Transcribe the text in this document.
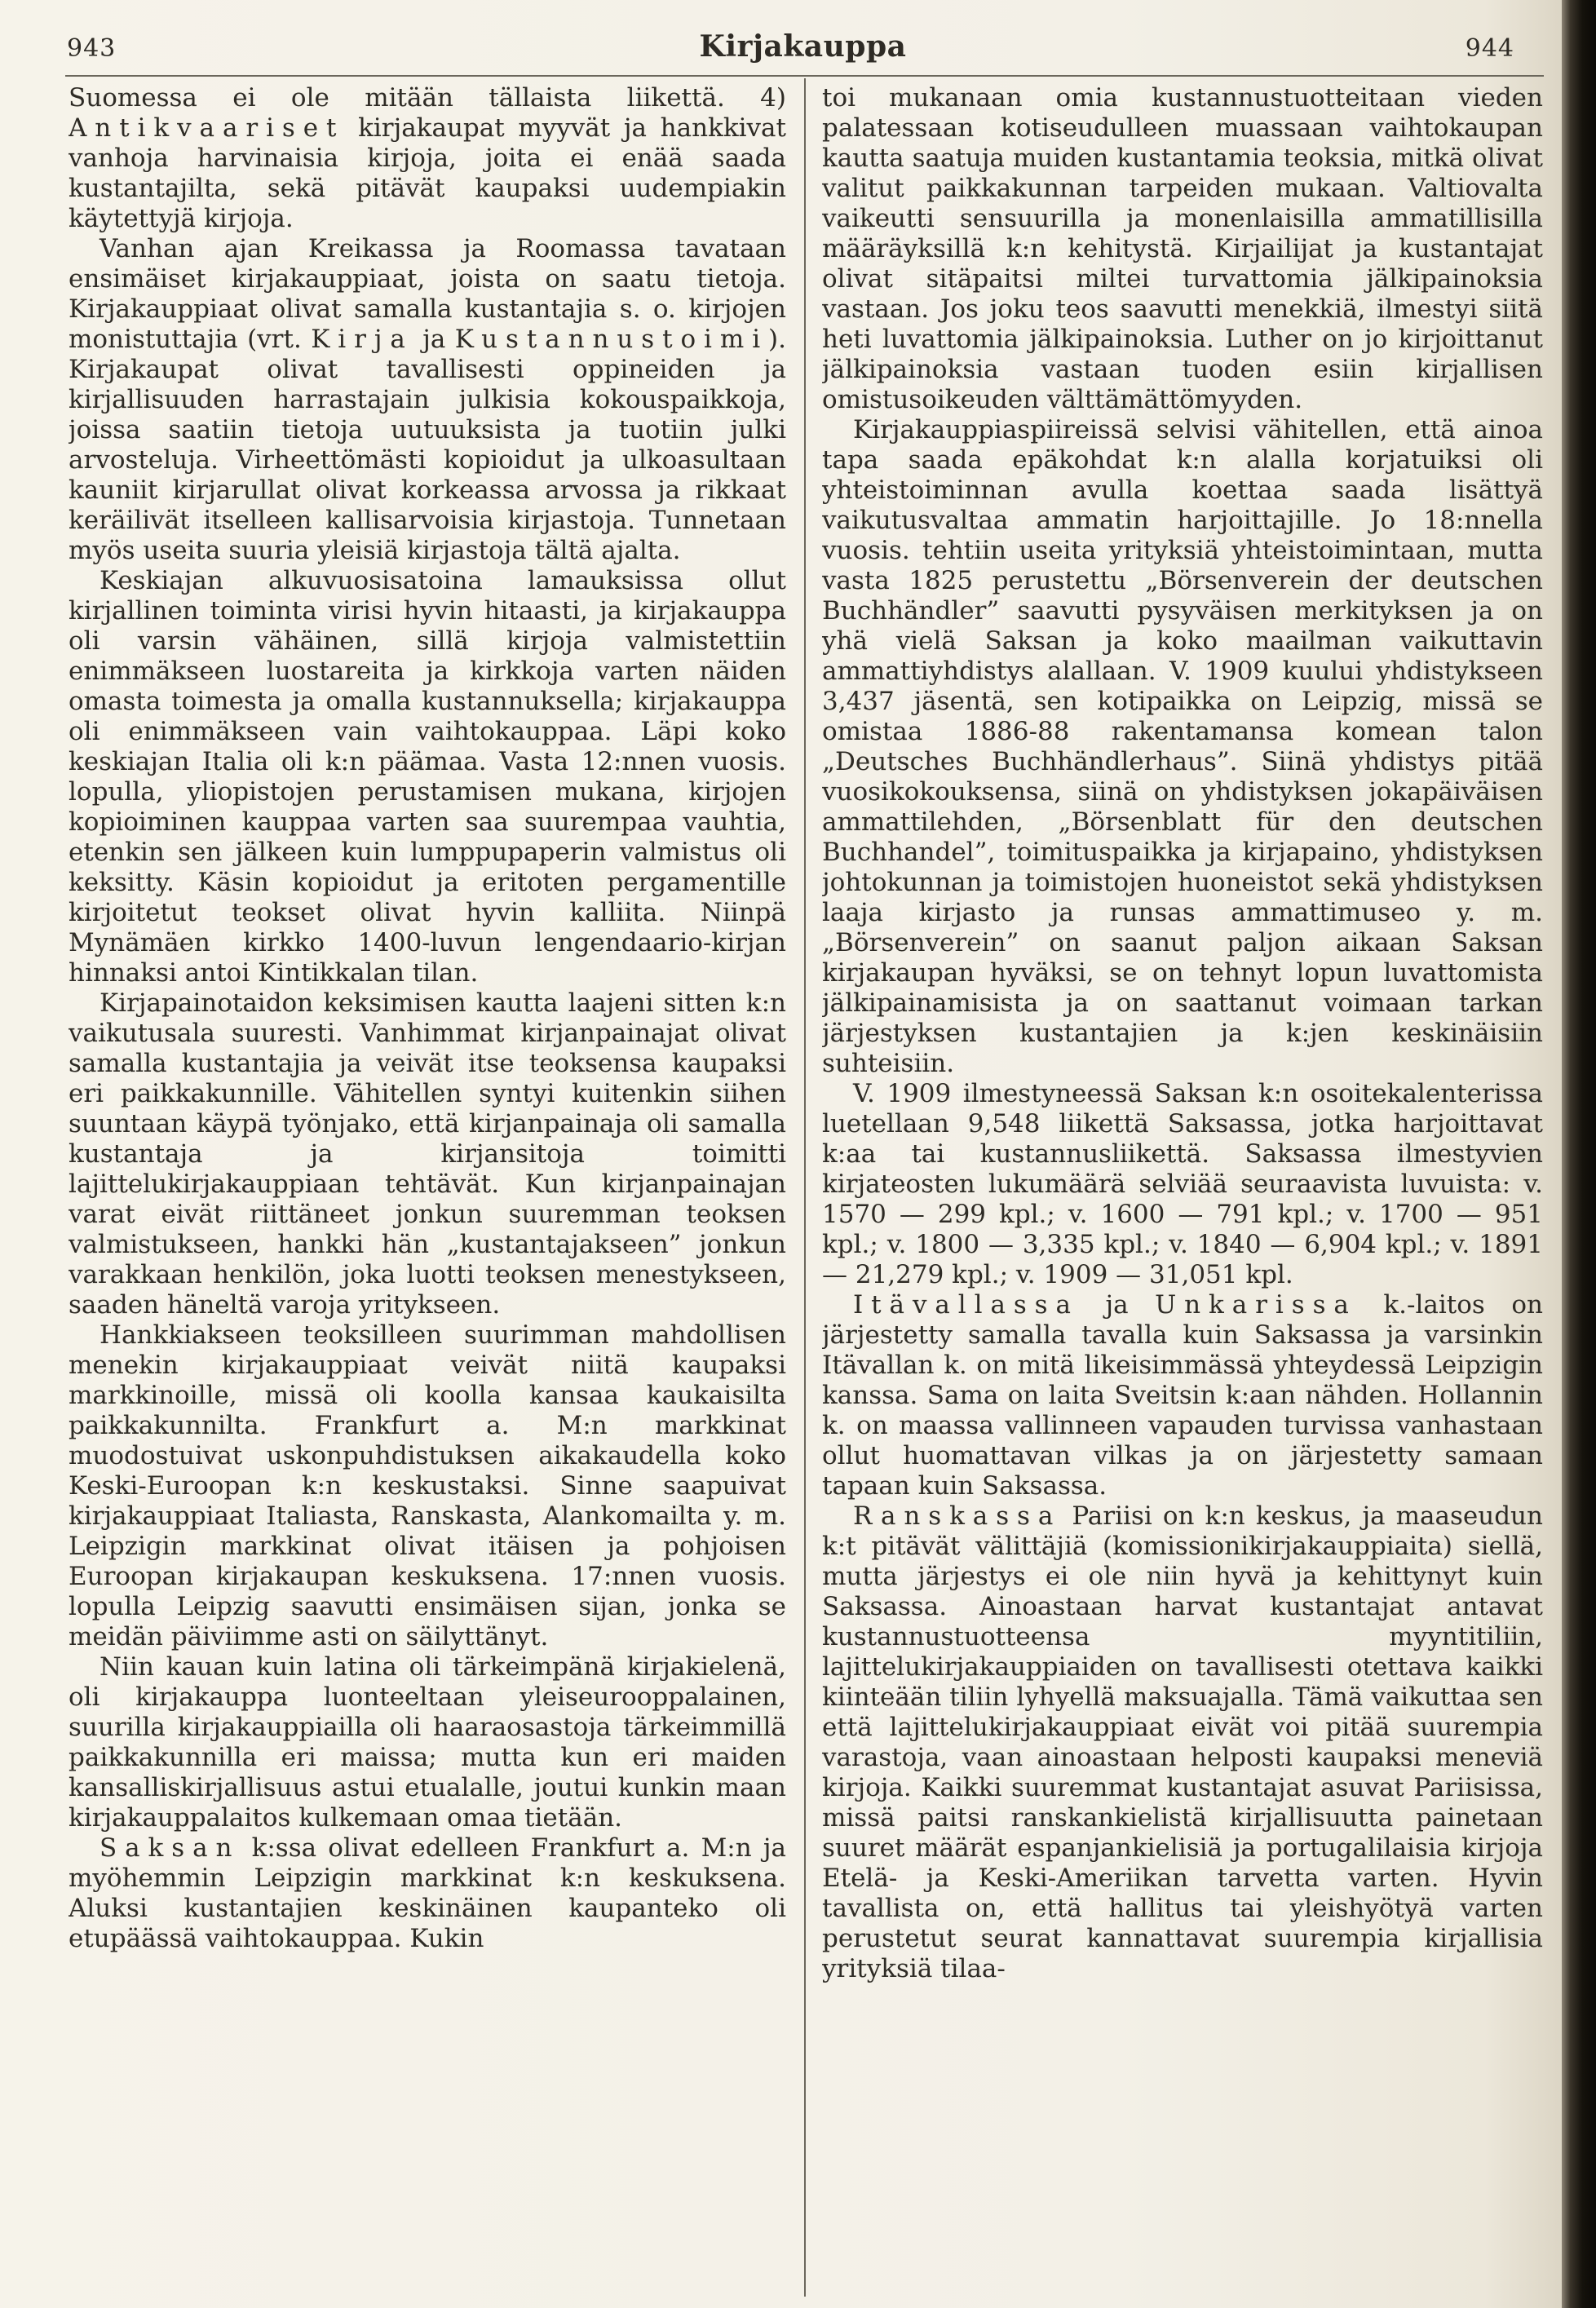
943	Kirjakauppa	944

Suomessa ei ole mitään tällaista liikettä. 4) Antikvaariset kirjakaupat myyvät ja hankkivat vanhoja harvinaisia kirjoja, joita ei enää saada kustantajilta, sekä pitävät kaupaksi uudempiakin käytettyjä kirjoja.

Vanhan ajan Kreikassa ja Roomassa tavataan ensimäiset kirjakauppiaat, joista on saatu tietoja. Kirjakauppiaat olivat samalla kustantajia s. o. kirjojen monistuttajia (vrt. Kirja ja Kustannustoimi). Kirjakaupat olivat tavallisesti oppineiden ja kirjallisuuden harrastajain julkisia kokouspaikkoja, joissa saatiin tietoja uutuuksista ja tuotiin julki arvosteluja. Virheettömästi kopioidut ja ulkoasultaan kauniit kirjarullat olivat korkeassa arvossa ja rikkaat keräilivät itselleen kallisarvoisia kirjastoja. Tunnetaan myös useita suuria yleisiä kirjastoja tältä ajalta.

Keskiajan alkuvuosisatoina lamauksissa ollut kirjallinen toiminta virisi hyvin hitaasti, ja kirjakauppa oli varsin vähäinen, sillä kirjoja valmistettiin enimmäkseen luostareita ja kirkkoja varten näiden omasta toimesta ja omalla kustannuksella; kirjakauppa oli enimmäkseen vain vaihtokauppaa. Läpi koko keskiajan Italia oli k:n päämaa. Vasta 12:nnen vuosis. lopulla, yliopistojen perustamisen mukana, kirjojen kopioiminen kauppaa varten saa suurempaa vauhtia, etenkin sen jälkeen kuin lumppupaperin valmistus oli keksitty. Käsin kopioidut ja eritoten pergamentille kirjoitetut teokset olivat hyvin kalliita. Niinpä Mynämäen kirkko 1400-luvun lengendaario-kirjan hinnaksi antoi Kintikkalan tilan.

Kirjapainotaidon keksimisen kautta laajeni sitten k:n vaikutusala suuresti. Vanhimmat kirjanpainajat olivat samalla kustantajia ja veivät itse teoksensa kaupaksi eri paikkakunnille. Vähitellen syntyi kuitenkin siihen suuntaan käypä työnjako, että kirjanpainaja oli samalla kustantaja ja kirjansitoja toimitti lajittelukirjakauppiaan tehtävät. Kun kirjanpainajan varat eivät riittäneet jonkun suuremman teoksen valmistukseen, hankki hän „kustantajakseen” jonkun varakkaan henkilön, joka luotti teoksen menestykseen, saaden häneltä varoja yritykseen.

Hankkiakseen teoksilleen suurimman mahdollisen menekin kirjakauppiaat veivät niitä kaupaksi markkinoille, missä oli koolla kansaa kaukaisilta paikkakunnilta. Frankfurt a. M:n markkinat muodostuivat uskonpuhdistuksen aikakaudella koko Keski-Euroopan k:n keskustaksi. Sinne saapuivat kirjakauppiaat Italiasta, Ranskasta, Alankomailta y. m. Leipzigin markkinat olivat itäisen ja pohjoisen Euroopan kirjakaupan keskuksena. 17:nnen vuosis. lopulla Leipzig saavutti ensimäisen sijan, jonka se meidän päiviimme asti on säilyttänyt.

Niin kauan kuin latina oli tärkeimpänä kirjakielenä, oli kirjakauppa luonteeltaan yleiseurooppalainen, suurilla kirjakauppiailla oli haaraosastoja tärkeimmillä paikkakunnilla eri maissa; mutta kun eri maiden kansalliskirjallisuus astui etualalle, joutui kunkin maan kirjakauppalaitos kulkemaan omaa tietään.

Saksan k:ssa olivat edelleen Frankfurt a. M:n ja myöhemmin Leipzigin markkinat k:n keskuksena. Aluksi kustantajien keskinäinen kaupanteko oli etupäässä vaihtokauppaa. Kukin

toi mukanaan omia kustannustuotteitaan vieden palatessaan kotiseudulleen muassaan vaihtokaupan kautta saatuja muiden kustantamia teoksia, mitkä olivat valitut paikkakunnan tarpeiden mukaan. Valtiovalta vaikeutti sensuurilla ja monenlaisilla ammatillisilla määräyksillä k:n kehitystä. Kirjailijat ja kustantajat olivat sitäpaitsi miltei turvattomia jälkipainoksia vastaan. Jos joku teos saavutti menekkiä, ilmestyi siitä heti luvattomia jälkipainoksia. Luther on jo kirjoittanut jälkipainoksia vastaan tuoden esiin kirjallisen omistusoikeuden välttämättömyyden.

Kirjakauppiaspiireissä selvisi vähitellen, että ainoa tapa saada epäkohdat k:n alalla korjatuiksi oli yhteistoiminnan avulla koettaa saada lisättyä vaikutusvaltaa ammatin harjoittajille. Jo 18:nnella vuosis. tehtiin useita yrityksiä yhteistoimintaan, mutta vasta 1825 perustettu „Börsenverein der deutschen Buchhändler” saavutti pysyväisen merkityksen ja on yhä vielä Saksan ja koko maailman vaikuttavin ammattiyhdistys alallaan. V. 1909 kuului yhdistykseen 3,437 jäsentä, sen kotipaikka on Leipzig, missä se omistaa 1886-88 rakentamansa komean talon „Deutsches Buchhändlerhaus”. Siinä yhdistys pitää vuosikokouksensa, siinä on yhdistyksen jokapäiväisen ammattilehden, „Börsenblatt für den deutschen Buchhandel”, toimituspaikka ja kirjapaino, yhdistyksen johtokunnan ja toimistojen huoneistot sekä yhdistyksen laaja kirjasto ja runsas ammattimuseo y. m. „Börsenverein” on saanut paljon aikaan Saksan kirjakaupan hyväksi, se on tehnyt lopun luvattomista jälkipainamisista ja on saattanut voimaan tarkan järjestyksen kustantajien ja k:jen keskinäisiin suhteisiin.

V. 1909 ilmestyneessä Saksan k:n osoitekalenterissa luetellaan 9,548 liikettä Saksassa, jotka harjoittavat k:aa tai kustannusliikettä. Saksassa ilmestyvien kirjateosten lukumäärä selviää seuraavista luvuista: v. 1570 — 299 kpl.; v. 1600 — 791 kpl.; v. 1700 — 951 kpl.; v. 1800 — 3,335 kpl.; v. 1840 — 6,904 kpl.; v. 1891 — 21,279 kpl.; v. 1909 — 31,051 kpl.

Itävallassa ja Unkarissa k.-laitos on järjestetty samalla tavalla kuin Saksassa ja varsinkin Itävallan k. on mitä likeisimmässä yhteydessä Leipzigin kanssa. Sama on laita Sveitsin k:aan nähden. Hollannin k. on maassa vallinneen vapauden turvissa vanhastaan ollut huomattavan vilkas ja on järjestetty samaan tapaan kuin Saksassa.

Ranskassa Pariisi on k:n keskus, ja maaseudun k:t pitävät välittäjiä (komissionikirjakauppiaita) siellä, mutta järjestys ei ole niin hyvä ja kehittynyt kuin Saksassa. Ainoastaan harvat kustantajat antavat kustannustuotteensa myyntitiliin, lajittelukirjakauppiaiden on tavallisesti otettava kaikki kiinteään tiliin lyhyellä maksuajalla. Tämä vaikuttaa sen että lajittelukirjakauppiaat eivät voi pitää suurempia varastoja, vaan ainoastaan helposti kaupaksi meneviä kirjoja. Kaikki suuremmat kustantajat asuvat Pariisissa, missä paitsi ranskankielistä kirjallisuutta painetaan suuret määrät espanjankielisiä ja portugalilaisia kirjoja Etelä- ja Keski-Ameriikan tarvetta varten. Hyvin tavallista on, että hallitus tai yleishyötyä varten perustetut seurat kannattavat suurempia kirjallisia yrityksiä tilaa-
